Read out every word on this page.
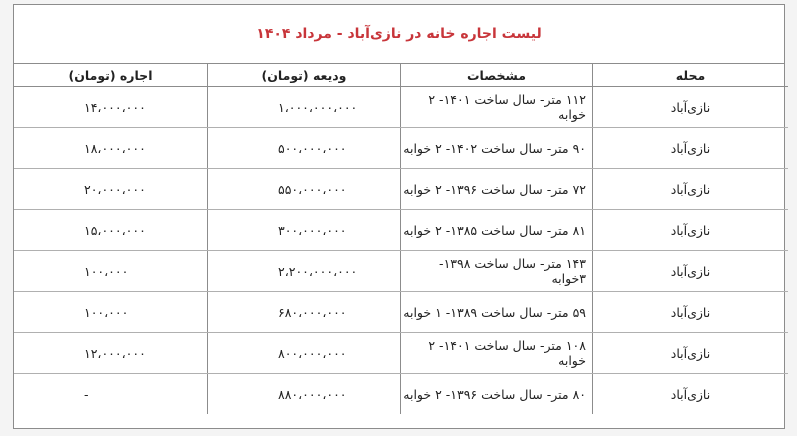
لیست اجاره خانه در نازی‌آباد - مرداد ۱۴۰۴
محله	مشخصات	ودیعه (تومان)	اجاره (تومان)
نازی‌آباد	۱۱۲ متر- سال ساخت ۱۴۰۱- ۲ خوابه	۱،۰۰۰،۰۰۰،۰۰۰	۱۴،۰۰۰،۰۰۰
نازی‌آباد	۹۰ متر- سال ساخت ۱۴۰۲- ۲ خوابه	۵۰۰،۰۰۰،۰۰۰	۱۸،۰۰۰،۰۰۰
نازی‌آباد	۷۲ متر- سال ساخت ۱۳۹۶- ۲ خوابه	۵۵۰،۰۰۰،۰۰۰	۲۰،۰۰۰،۰۰۰
نازی‌آباد	۸۱ متر- سال ساخت ۱۳۸۵- ۲ خوابه	۳۰۰،۰۰۰،۰۰۰	۱۵،۰۰۰،۰۰۰
نازی‌آباد	۱۴۳ متر- سال ساخت ۱۳۹۸- ۳خوابه	۲،۲۰۰،۰۰۰،۰۰۰	۱۰۰،۰۰۰
نازی‌آباد	۵۹ متر- سال ساخت ۱۳۸۹- ۱ خوابه	۶۸۰،۰۰۰،۰۰۰	۱۰۰،۰۰۰
نازی‌آباد	۱۰۸ متر- سال ساخت ۱۴۰۱- ۲ خوابه	۸۰۰،۰۰۰،۰۰۰	۱۲،۰۰۰،۰۰۰
نازی‌آباد	۸۰ متر- سال ساخت ۱۳۹۶- ۲ خوابه	۸۸۰،۰۰۰،۰۰۰	-
